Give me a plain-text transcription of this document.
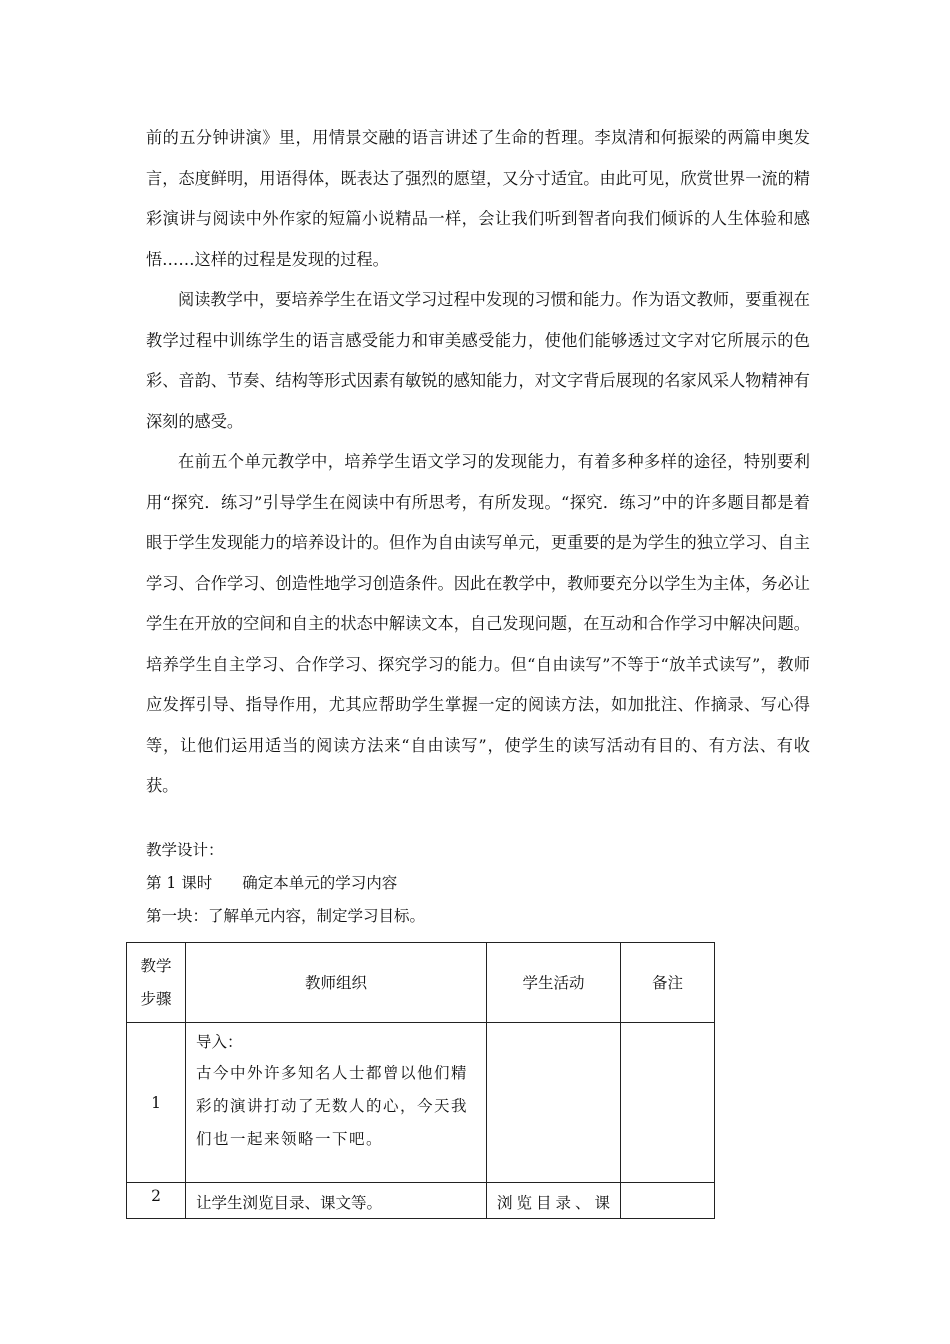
前的五分钟讲演》里，用情景交融的语言讲述了生命的哲理。李岚清和何振梁的两篇申奥发言，态度鲜明，用语得体，既表达了强烈的愿望，又分寸适宜。由此可见，欣赏世界一流的精彩演讲与阅读中外作家的短篇小说精品一样，会让我们听到智者向我们倾诉的人生体验和感悟……这样的过程是发现的过程。

阅读教学中，要培养学生在语文学习过程中发现的习惯和能力。作为语文教师，要重视在教学过程中训练学生的语言感受能力和审美感受能力，使他们能够透过文字对它所展示的色彩、音韵、节奏、结构等形式因素有敏锐的感知能力，对文字背后展现的名家风采人物精神有深刻的感受。

在前五个单元教学中，培养学生语文学习的发现能力，有着多种多样的途径，特别要利用“探究．练习”引导学生在阅读中有所思考，有所发现。“探究．练习”中的许多题目都是着眼于学生发现能力的培养设计的。但作为自由读写单元，更重要的是为学生的独立学习、自主学习、合作学习、创造性地学习创造条件。因此在教学中，教师要充分以学生为主体，务必让学生在开放的空间和自主的状态中解读文本，自己发现问题，在互动和合作学习中解决问题。培养学生自主学习、合作学习、探究学习的能力。但“自由读写”不等于“放羊式读写”，教师应发挥引导、指导作用，尤其应帮助学生掌握一定的阅读方法，如加批注、作摘录、写心得等，让他们运用适当的阅读方法来“自由读写”，使学生的读写活动有目的、有方法、有收获。

教学设计：
第 1 课时 确定本单元的学习内容
第一块：了解单元内容，制定学习目标。
教学
步骤	教师组织	学生活动	备注
1	导入：
古今中外许多知名人士都曾以他们精彩的演讲打动了无数人的心，今天我们也一起来领略一下吧。		

2	让学生浏览目录、课文等。	浏览目录、课	
